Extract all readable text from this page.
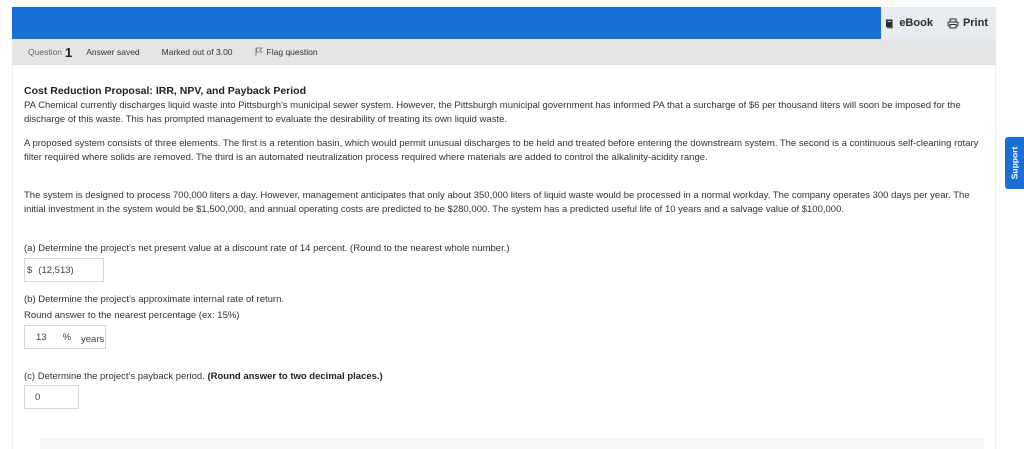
eBook	Print
Question 1 Answer saved	Marked out of 3.00	Flag question
Cost Reduction Proposal: IRR, NPV, and Payback Period
PA Chemical currently discharges liquid waste into Pittsburgh's municipal sewer system. However, the Pittsburgh municipal government has informed PA that a surcharge of $6 per thousand liters will soon be imposed for the discharge of this waste. This has prompted management to evaluate the desirability of treating its own liquid waste.
A proposed system consists of three elements. The first is a retention basin, which would permit unusual discharges to be held and treated before entering the downstream system. The second is a continuous self-cleaning rotary filter required where solids are removed. The third is an automated neutralization process required where materials are added to control the alkalinity-acidity range.
The system is designed to process 700,000 liters a day. However, management anticipates that only about 350,000 liters of liquid waste would be processed in a normal workday. The company operates 300 days per year. The initial investment in the system would be $1,500,000, and annual operating costs are predicted to be $280,000. The system has a predicted useful life of 10 years and a salvage value of $100,000.
(a) Determine the project's net present value at a discount rate of 14 percent. (Round to the nearest whole number.)
$ (12,513)
(b) Determine the project's approximate internal rate of return.
Round answer to the nearest percentage (ex: 15%)
13 %
(c) Determine the project's payback period. (Round answer to two decimal places.)
0
years
Support
